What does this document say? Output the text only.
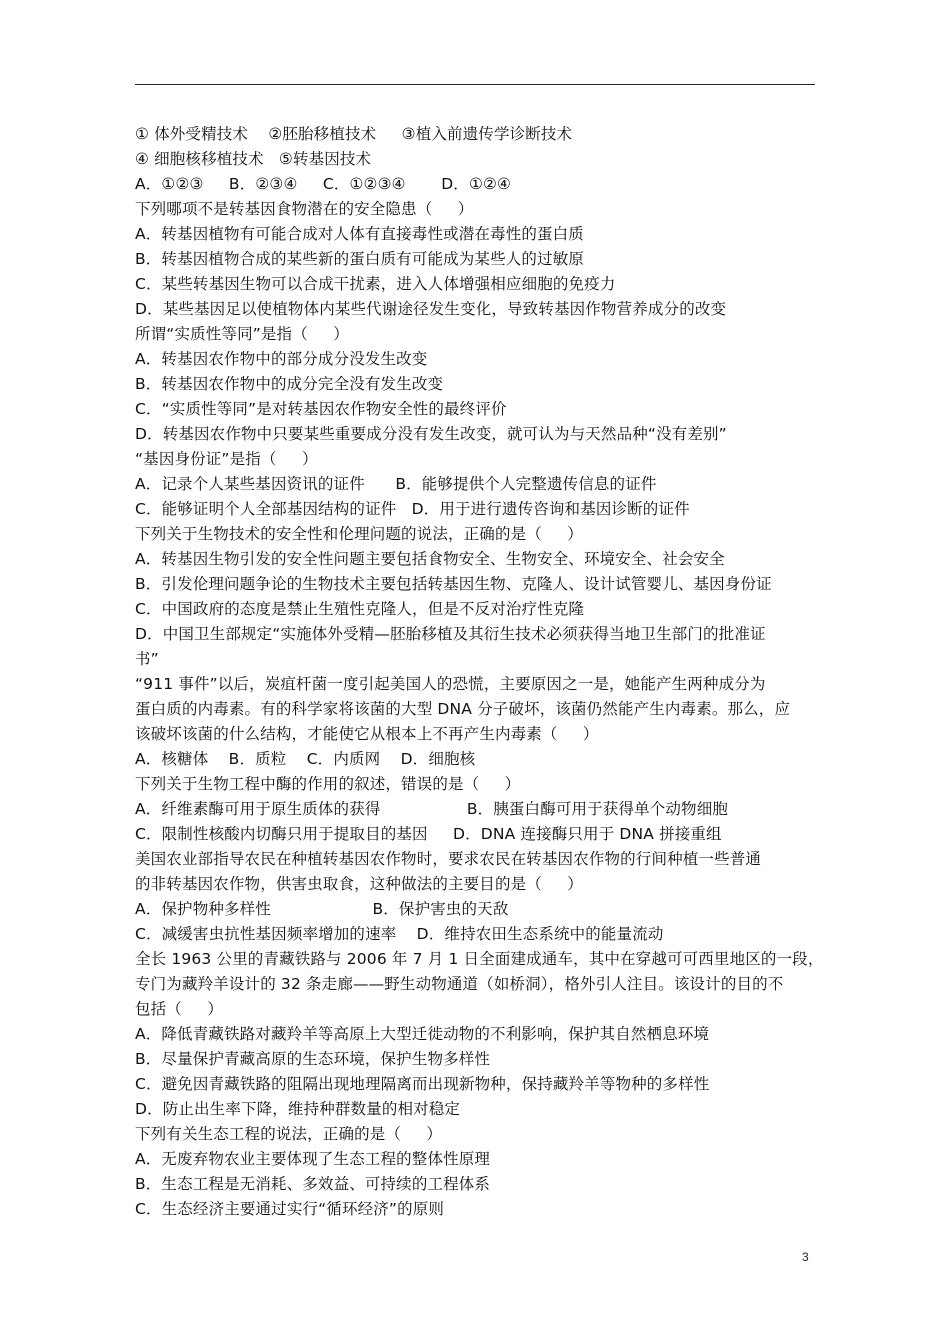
① 体外受精技术    ②胚胎移植技术     ③植入前遗传学诊断技术
④ 细胞核移植技术   ⑤转基因技术
A．①②③     B．②③④     C．①②③④       D．①②④
下列哪项不是转基因食物潜在的安全隐患（     ）
A．转基因植物有可能合成对人体有直接毒性或潜在毒性的蛋白质
B．转基因植物合成的某些新的蛋白质有可能成为某些人的过敏原
C．某些转基因生物可以合成干扰素，进入人体增强相应细胞的免疫力
D．某些基因足以使植物体内某些代谢途径发生变化，导致转基因作物营养成分的改变
所谓“实质性等同”是指（     ）
A．转基因农作物中的部分成分没发生改变
B．转基因农作物中的成分完全没有发生改变
C．“实质性等同”是对转基因农作物安全性的最终评价
D．转基因农作物中只要某些重要成分没有发生改变，就可认为与天然品种“没有差别”
“基因身份证”是指（     ）
A．记录个人某些基因资讯的证件      B．能够提供个人完整遗传信息的证件
C．能够证明个人全部基因结构的证件   D．用于进行遗传咨询和基因诊断的证件
下列关于生物技术的安全性和伦理问题的说法，正确的是（     ）
A．转基因生物引发的安全性问题主要包括食物安全、生物安全、环境安全、社会安全
B．引发伦理问题争论的生物技术主要包括转基因生物、克隆人、设计试管婴儿、基因身份证
C．中国政府的态度是禁止生殖性克隆人，但是不反对治疗性克隆
D．中国卫生部规定“实施体外受精—胚胎移植及其衍生技术必须获得当地卫生部门的批准证
书”
“911 事件”以后，炭疽杆菌一度引起美国人的恐慌，主要原因之一是，她能产生两种成分为
蛋白质的内毒素。有的科学家将该菌的大型 DNA 分子破坏，该菌仍然能产生内毒素。那么，应
该破坏该菌的什么结构，才能使它从根本上不再产生内毒素（     ）
A．核糖体    B．质粒    C．内质网    D．细胞核
下列关于生物工程中酶的作用的叙述，错误的是（     ）
A．纤维素酶可用于原生质体的获得                 B．胰蛋白酶可用于获得单个动物细胞
C．限制性核酸内切酶只用于提取目的基因     D．DNA 连接酶只用于 DNA 拼接重组
美国农业部指导农民在种植转基因农作物时，要求农民在转基因农作物的行间种植一些普通
的非转基因农作物，供害虫取食，这种做法的主要目的是（     ）
A．保护物种多样性                    B．保护害虫的天敌
C．减缓害虫抗性基因频率增加的速率    D．维持农田生态系统中的能量流动
全长 1963 公里的青藏铁路与 2006 年 7 月 1 日全面建成通车，其中在穿越可可西里地区的一段，
专门为藏羚羊设计的 32 条走廊——野生动物通道（如桥洞），格外引人注目。该设计的目的不
包括（     ）
A．降低青藏铁路对藏羚羊等高原上大型迁徙动物的不利影响，保护其自然栖息环境
B．尽量保护青藏高原的生态环境，保护生物多样性
C．避免因青藏铁路的阻隔出现地理隔离而出现新物种，保持藏羚羊等物种的多样性
D．防止出生率下降，维持种群数量的相对稳定
下列有关生态工程的说法，正确的是（     ）
A．无废弃物农业主要体现了生态工程的整体性原理
B．生态工程是无消耗、多效益、可持续的工程体系
C．生态经济主要通过实行“循环经济”的原则
3
